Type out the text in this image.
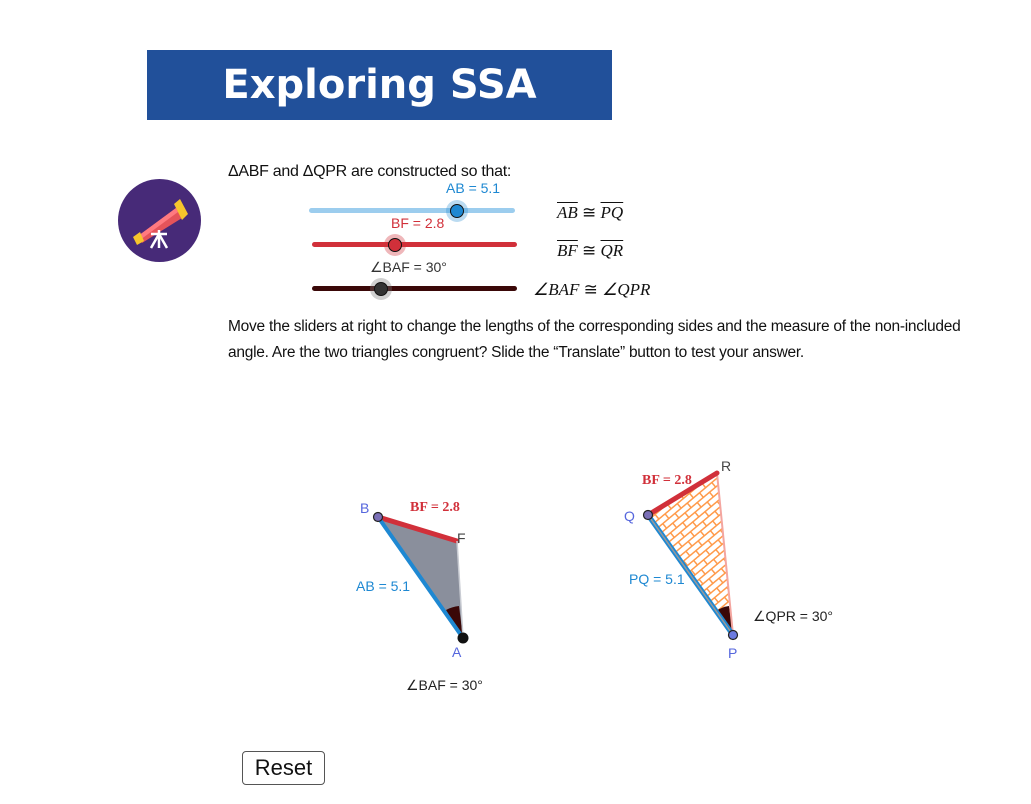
Exploring SSA
ΔABF and ΔQPR are constructed so that:
AB = 5.1
BF = 2.8
∠BAF = 30°
$\overline{AB}$ ≅ $\overline{PQ}$
$\overline{BF}$ ≅ $\overline{QR}$
∠BAF ≅ ∠QPR
Move the sliders at right to change the lengths of the corresponding sides and the measure of the non-included angle. Are the two triangles congruent? Slide the “Translate” button to test your answer.
B
F
A
BF = 2.8
AB = 5.1
∠BAF = 30°
R
Q
P
BF = 2.8
PQ = 5.1
∠QPR = 30°
Reset
